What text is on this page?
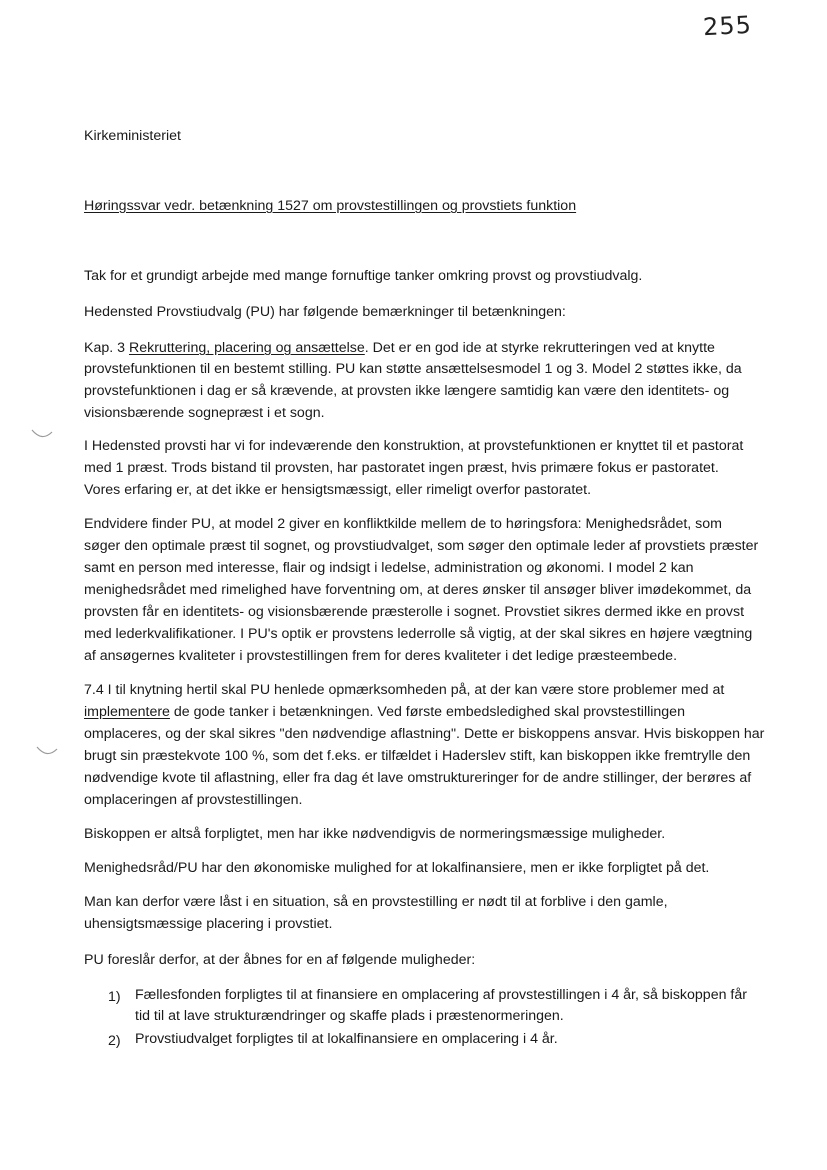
255
Kirkeministeriet
Høringssvar vedr. betænkning 1527 om provstestillingen og provstiets funktion
Tak for et grundigt arbejde med mange fornuftige tanker omkring provst og provstiudvalg.
Hedensted Provstiudvalg (PU) har følgende bemærkninger til betænkningen:
Kap. 3 Rekruttering, placering og ansættelse. Det er en god ide at styrke rekrutteringen ved at knytte
provstefunktionen til en bestemt stilling. PU kan støtte ansættelsesmodel 1 og 3. Model 2 støttes ikke, da
provstefunktionen i dag er så krævende, at provsten ikke længere samtidig kan være den identitets- og
visionsbærende sognepræst i et sogn.
I Hedensted provsti har vi for indeværende den konstruktion, at provstefunktionen er knyttet til et pastorat
med 1 præst. Trods bistand til provsten, har pastoratet ingen præst, hvis primære fokus er pastoratet.
Vores erfaring er, at det ikke er hensigtsmæssigt, eller rimeligt overfor pastoratet.
Endvidere finder PU, at model 2 giver en konfliktkilde mellem de to høringsfora: Menighedsrådet, som
søger den optimale præst til sognet, og provstiudvalget, som søger den optimale leder af provstiets præster
samt en person med interesse, flair og indsigt i ledelse, administration og økonomi. I model 2 kan
menighedsrådet med rimelighed have forventning om, at deres ønsker til ansøger bliver imødekommet, da
provsten får en identitets- og visionsbærende præsterolle i sognet. Provstiet sikres dermed ikke en provst
med lederkvalifikationer. I PU's optik er provstens lederrolle så vigtig, at der skal sikres en højere vægtning
af ansøgernes kvaliteter i provstestillingen frem for deres kvaliteter i det ledige præsteembede.
7.4 I til knytning hertil skal PU henlede opmærksomheden på, at der kan være store problemer med at
implementere de gode tanker i betænkningen. Ved første embedsledighed skal provstestillingen
omplaceres, og der skal sikres "den nødvendige aflastning". Dette er biskoppens ansvar. Hvis biskoppen har
brugt sin præstekvote 100 %, som det f.eks. er tilfældet i Haderslev stift, kan biskoppen ikke fremtrylle den
nødvendige kvote til aflastning, eller fra dag ét lave omstruktureringer for de andre stillinger, der berøres af
omplaceringen af provstestillingen.
Biskoppen er altså forpligtet, men har ikke nødvendigvis de normeringsmæssige muligheder.
Menighedsråd/PU har den økonomiske mulighed for at lokalfinansiere, men er ikke forpligtet på det.
Man kan derfor være låst i en situation, så en provstestilling er nødt til at forblive i den gamle,
uhensigtsmæssige placering i provstiet.
PU foreslår derfor, at der åbnes for en af følgende muligheder:
1) Fællesfonden forpligtes til at finansiere en omplacering af provstestillingen i 4 år, så biskoppen får
tid til at lave strukturændringer og skaffe plads i præstenormeringen.
2) Provstiudvalget forpligtes til at lokalfinansiere en omplacering i 4 år.
